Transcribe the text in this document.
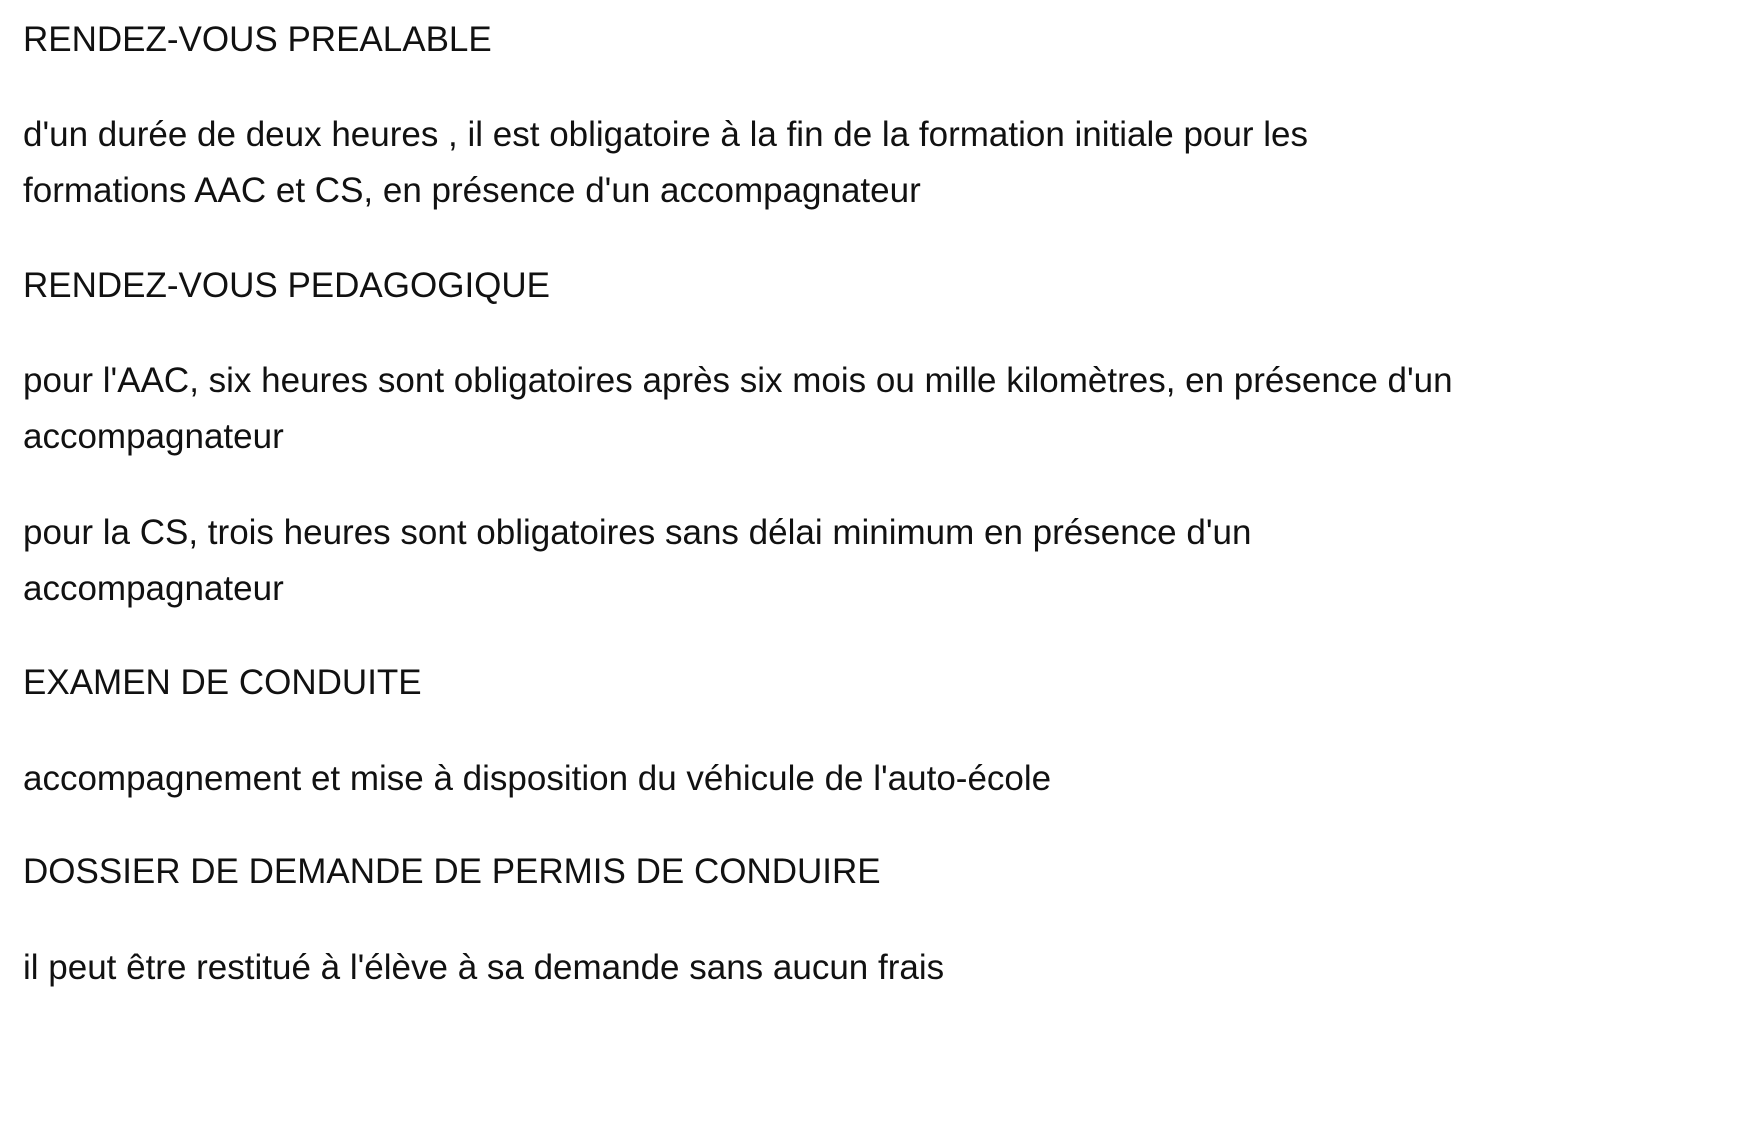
RENDEZ-VOUS PREALABLE
d'un durée de deux heures , il est obligatoire à la fin de la formation initiale pour les
formations AAC et CS, en présence d'un accompagnateur
RENDEZ-VOUS PEDAGOGIQUE
pour l'AAC, six heures sont obligatoires après six mois ou mille kilomètres, en présence d'un
accompagnateur
pour la CS, trois heures sont obligatoires sans délai minimum en présence d'un
accompagnateur
EXAMEN DE CONDUITE
accompagnement et mise à disposition du véhicule de l'auto-école
DOSSIER DE DEMANDE DE PERMIS DE CONDUIRE
il peut être restitué à l'élève à sa demande sans aucun frais
